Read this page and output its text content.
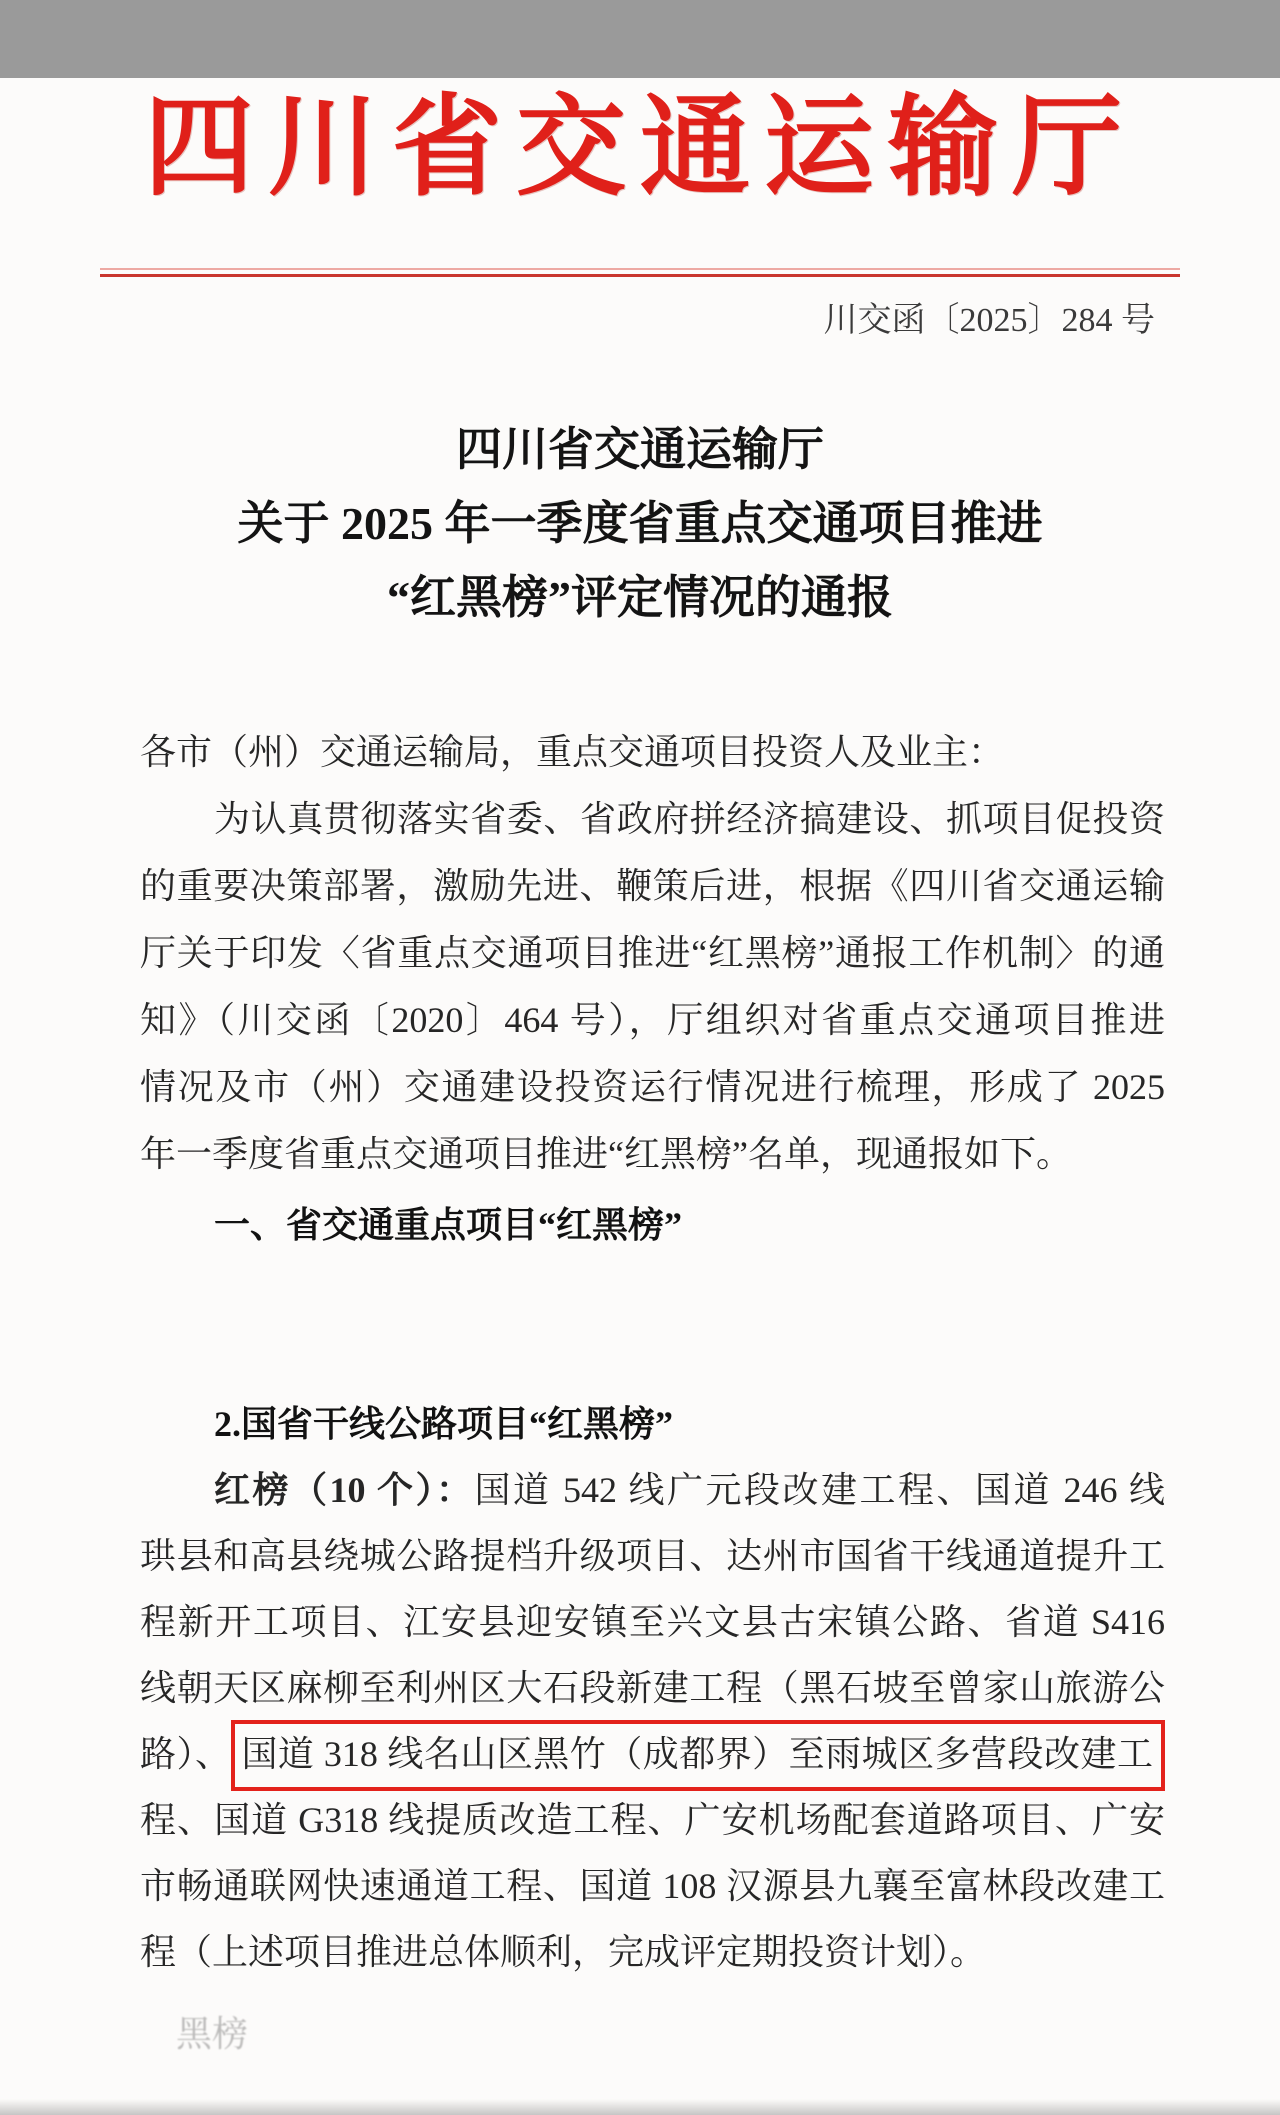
四川省交通运输厅
川交函〔2025〕284 号
四川省交通运输厅
关于 2025 年一季度省重点交通项目推进
“红黑榜”评定情况的通报
各市（州）交通运输局，重点交通项目投资人及业主：
为认真贯彻落实省委、省政府拼经济搞建设、抓项目促投资
的重要决策部署，激励先进、鞭策后进，根据《四川省交通运输
厅关于印发〈省重点交通项目推进“红黑榜”通报工作机制〉的通
知》（川交函〔2020〕464 号），厅组织对省重点交通项目推进
情况及市（州）交通建设投资运行情况进行梳理，形成了 2025
年一季度省重点交通项目推进“红黑榜”名单，现通报如下。
一、省交通重点项目“红黑榜”
2.国省干线公路项目“红黑榜”
红榜（10 个）：国道 542 线广元段改建工程、国道 246 线
珙县和高县绕城公路提档升级项目、达州市国省干线通道提升工
程新开工项目、江安县迎安镇至兴文县古宋镇公路、省道 S416
线朝天区麻柳至利州区大石段新建工程（黑石坡至曾家山旅游公
路）、 国道 318 线名山区黑竹（成都界）至雨城区多营段改建工
程、国道 G318 线提质改造工程、广安机场配套道路项目、广安
市畅通联网快速通道工程、国道 108 汉源县九襄至富林段改建工
程（上述项目推进总体顺利，完成评定期投资计划）。
黑榜
